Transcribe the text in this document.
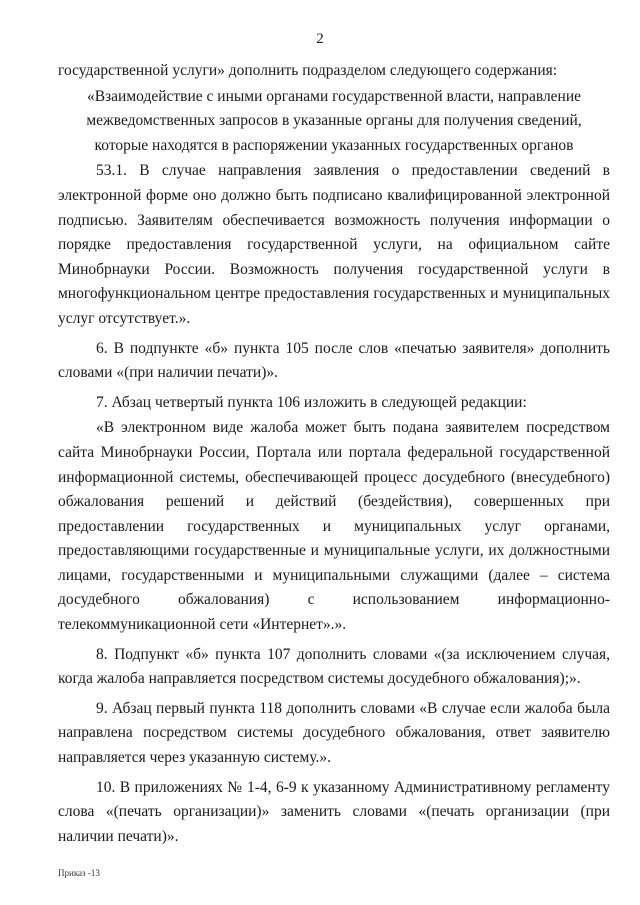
2

государственной услуги» дополнить подразделом следующего содержания:

«Взаимодействие с иными органами государственной власти, направление межведомственных запросов в указанные органы для получения сведений, которые находятся в распоряжении указанных государственных органов

53.1. В случае направления заявления о предоставлении сведений в электронной форме оно должно быть подписано квалифицированной электронной подписью. Заявителям обеспечивается возможность получения информации о порядке предоставления государственной услуги, на официальном сайте Минобрнауки России. Возможность получения государственной услуги в многофункциональном центре предоставления государственных и муниципальных услуг отсутствует.».

6. В подпункте «б» пункта 105 после слов «печатью заявителя» дополнить словами «(при наличии печати)».

7. Абзац четвертый пункта 106 изложить в следующей редакции:

«В электронном виде жалоба может быть подана заявителем посредством сайта Минобрнауки России, Портала или портала федеральной государственной информационной системы, обеспечивающей процесс досудебного (внесудебного) обжалования решений и действий (бездействия), совершенных при предоставлении государственных и муниципальных услуг органами, предоставляющими государственные и муниципальные услуги, их должностными лицами, государственными и муниципальными служащими (далее – система досудебного обжалования) с использованием информационно-телекоммуникационной сети «Интернет».».

8. Подпункт «б» пункта 107 дополнить словами «(за исключением случая, когда жалоба направляется посредством системы досудебного обжалования);».

9. Абзац первый пункта 118 дополнить словами «В случае если жалоба была направлена посредством системы досудебного обжалования, ответ заявителю направляется через указанную систему.».

10. В приложениях № 1-4, 6-9 к указанному Административному регламенту слова «(печать организации)» заменить словами «(печать организации (при наличии печати)».

Приказ -13
